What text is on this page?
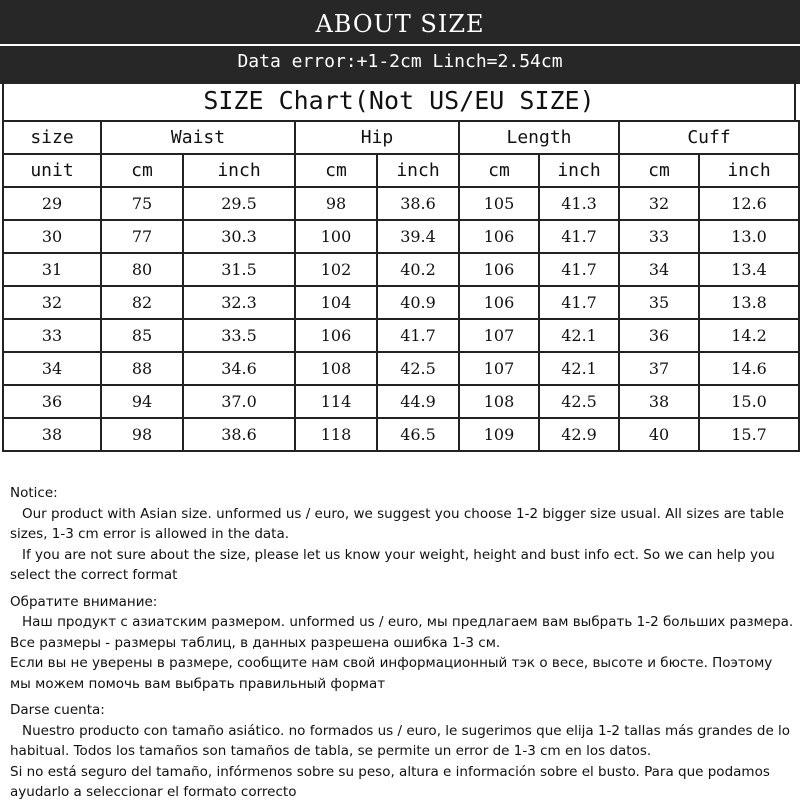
ABOUT SIZE
Data error:+1-2cm Linch=2.54cm
SIZE Chart(Not US/EU SIZE)
size	Waist		Hip		Length		Cuff	
unit	cm	inch	cm	inch	cm	inch	cm	inch
29	75	29.5	98	38.6	105	41.3	32	12.6
30	77	30.3	100	39.4	106	41.7	33	13.0
31	80	31.5	102	40.2	106	41.7	34	13.4
32	82	32.3	104	40.9	106	41.7	35	13.8
33	85	33.5	106	41.7	107	42.1	36	14.2
34	88	34.6	108	42.5	107	42.1	37	14.6
36	94	37.0	114	44.9	108	42.5	38	15.0
38	98	38.6	118	46.5	109	42.9	40	15.7

Notice:

Our product with Asian size. unformed us / euro, we suggest you choose 1-2 bigger size usual. All sizes are table sizes, 1-3 cm error is allowed in the data.

If you are not sure about the size, please let us know your weight, height and bust info ect. So we can help you select the correct format

Обратите внимание:

Наш продукт с азиатским размером. unformed us / euro, мы предлагаем вам выбрать 1-2 больших размера.

Все размеры - размеры таблиц, в данных разрешена ошибка 1-3 см.

Если вы не уверены в размере, сообщите нам свой информационный тэк о весе, высоте и бюсте. Поэтому мы можем помочь вам выбрать правильный формат

Darse cuenta:

Nuestro producto con tamaño asiático. no formados us / euro, le sugerimos que elija 1-2 tallas más grandes de lo habitual. Todos los tamaños son tamaños de tabla, se permite un error de 1-3 cm en los datos.

Si no está seguro del tamaño, infórmenos sobre su peso, altura e información sobre el busto. Para que podamos ayudarlo a seleccionar el formato correcto
